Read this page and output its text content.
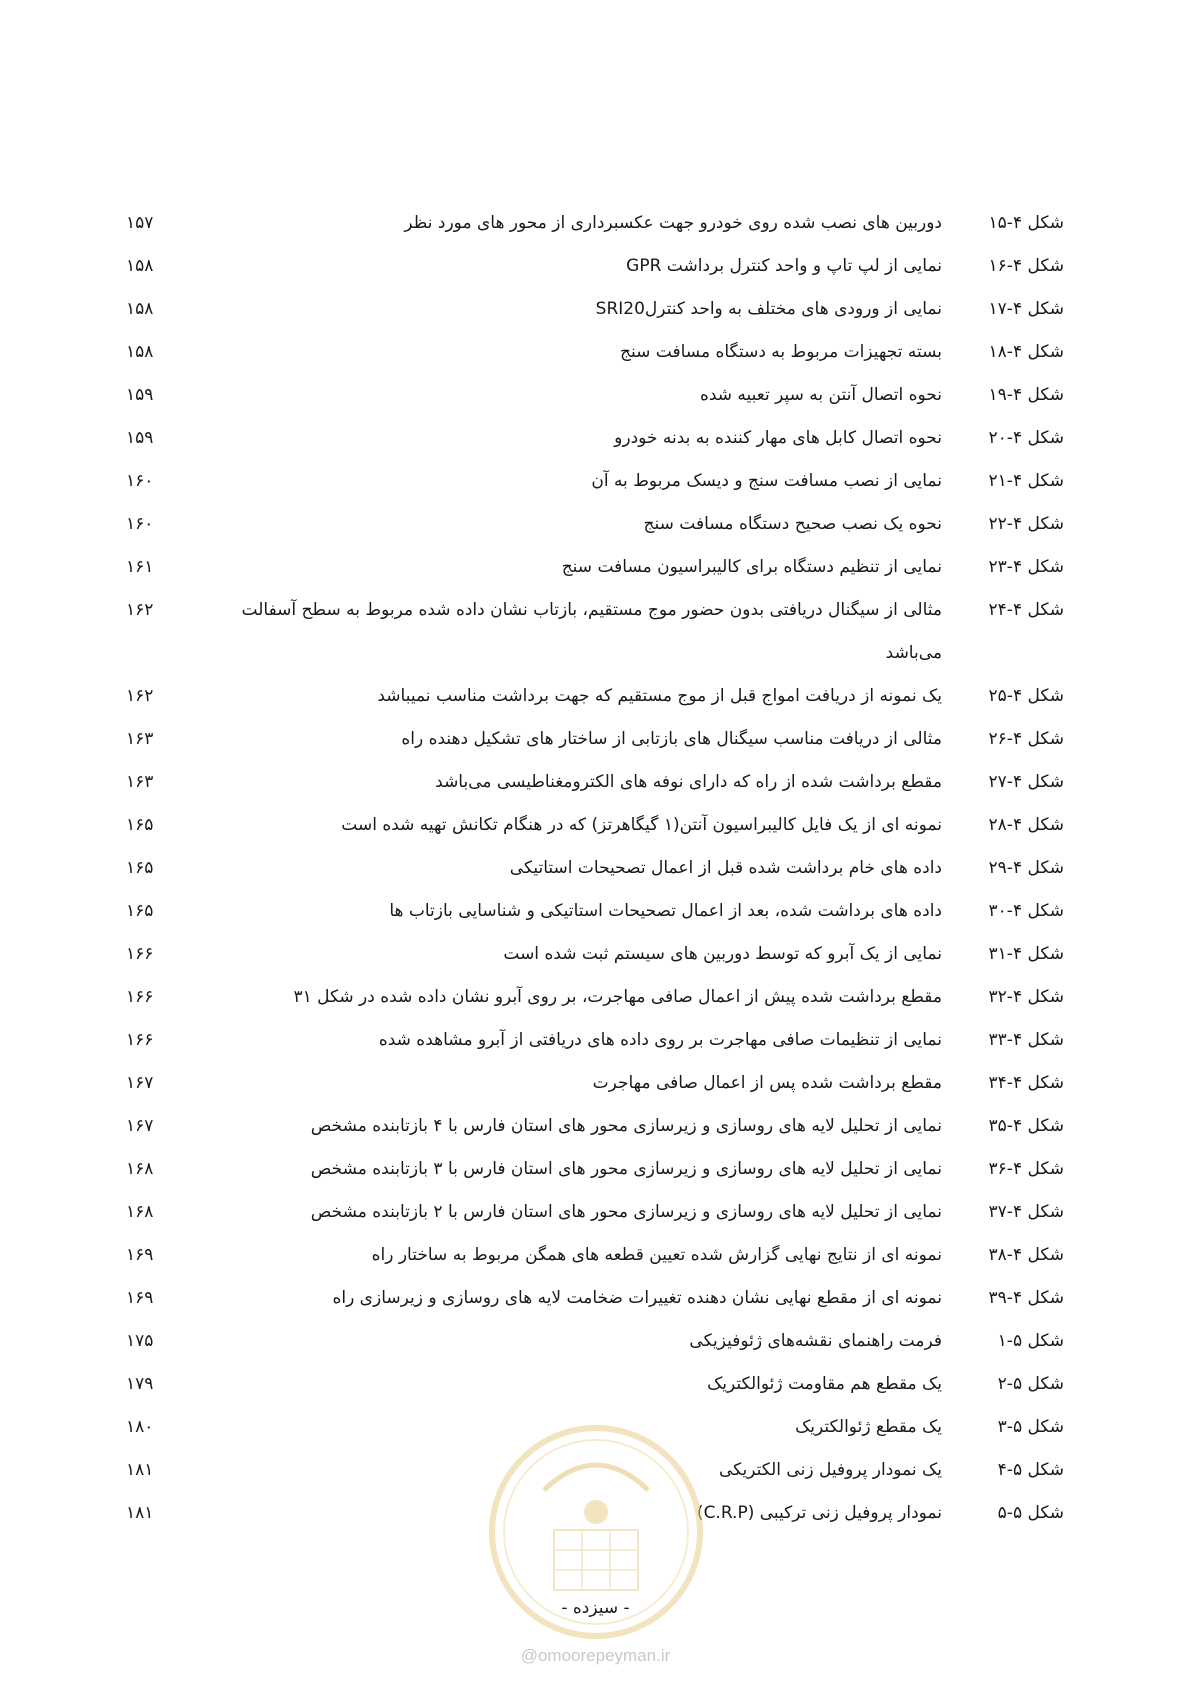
شکل ۴-۱۵
دوربین های نصب شده روی خودرو جهت عکسبرداری از محور های مورد نظر
۱۵۷
شکل ۴-۱۶
نمایی از لپ تاپ و واحد کنترل برداشت GPR
۱۵۸
شکل ۴-۱۷
نمایی از ورودی های مختلف به واحد کنترلSRI20
۱۵۸
شکل ۴-۱۸
بسته تجهیزات مربوط به دستگاه مسافت سنج
۱۵۸
شکل ۴-۱۹
نحوه اتصال آنتن به سپر تعبیه شده
۱۵۹
شکل ۴-۲۰
نحوه اتصال کابل های مهار کننده به بدنه خودرو
۱۵۹
شکل ۴-۲۱
نمایی از نصب مسافت سنج و دیسک مربوط به آن
۱۶۰
شکل ۴-۲۲
نحوه یک نصب صحیح دستگاه مسافت سنج
۱۶۰
شکل ۴-۲۳
نمایی از تنظیم دستگاه برای کالیبراسیون مسافت سنج
۱۶۱
شکل ۴-۲۴
مثالی از سیگنال دریافتی بدون حضور موج مستقیم، بازتاب نشان داده شده مربوط به سطح آسفالت می‌باشد
۱۶۲
شکل ۴-۲۵
یک نمونه از دریافت امواج قبل از موج مستقیم که جهت برداشت مناسب نمیباشد
۱۶۲
شکل ۴-۲۶
مثالی از دریافت مناسب سیگنال های بازتابی از ساختار های تشکیل دهنده راه
۱۶۳
شکل ۴-۲۷
مقطع برداشت شده از راه که دارای نوفه های الکترومغناطیسی می‌باشد
۱۶۳
شکل ۴-۲۸
نمونه ای از یک فایل کالیبراسیون آنتن(۱ گیگاهرتز) که در هنگام تکانش تهیه شده است
۱۶۵
شکل ۴-۲۹
داده های خام برداشت شده قبل از اعمال تصحیحات استاتیکی
۱۶۵
شکل ۴-۳۰
داده های برداشت شده، بعد از اعمال تصحیحات استاتیکی و شناسایی بازتاب ها
۱۶۵
شکل ۴-۳۱
نمایی از یک آبرو که توسط دوربین های سیستم ثبت شده است
۱۶۶
شکل ۴-۳۲
مقطع برداشت شده پیش از اعمال صافی مهاجرت، بر روی آبرو نشان داده شده در شکل ۳۱
۱۶۶
شکل ۴-۳۳
نمایی از تنظیمات صافی مهاجرت بر روی داده های دریافتی از آبرو مشاهده شده
۱۶۶
شکل ۴-۳۴
مقطع برداشت شده پس از اعمال صافی مهاجرت
۱۶۷
شکل ۴-۳۵
نمایی از تحلیل لایه های روسازی و زیرسازی محور های استان فارس با ۴ بازتابنده مشخص
۱۶۷
شکل ۴-۳۶
نمایی از تحلیل لایه های روسازی و زیرسازی محور های استان فارس با ۳ بازتابنده مشخص
۱۶۸
شکل ۴-۳۷
نمایی از تحلیل لایه های روسازی و زیرسازی محور های استان فارس با ۲ بازتابنده مشخص
۱۶۸
شکل ۴-۳۸
نمونه ای از نتایج نهایی گزارش شده تعیین قطعه های همگن مربوط به ساختار راه
۱۶۹
شکل ۴-۳۹
نمونه ای از مقطع نهایی نشان دهنده تغییرات ضخامت لایه های روسازی و زیرسازی راه
۱۶۹
شکل ۵-۱
فرمت راهنمای نقشه‌های ژئوفیزیکی
۱۷۵
شکل ۵-۲
یک مقطع هم مقاومت ژئوالکتریک
۱۷۹
شکل ۵-۳
یک مقطع ژئوالکتریک
۱۸۰
شکل ۵-۴
یک نمودار پروفیل زنی الکتریکی
۱۸۱
شکل ۵-۵
نمودار پروفیل زنی ترکیبی (C.R.P)
۱۸۱
- سیزده -
@omoorepeyman.ir
